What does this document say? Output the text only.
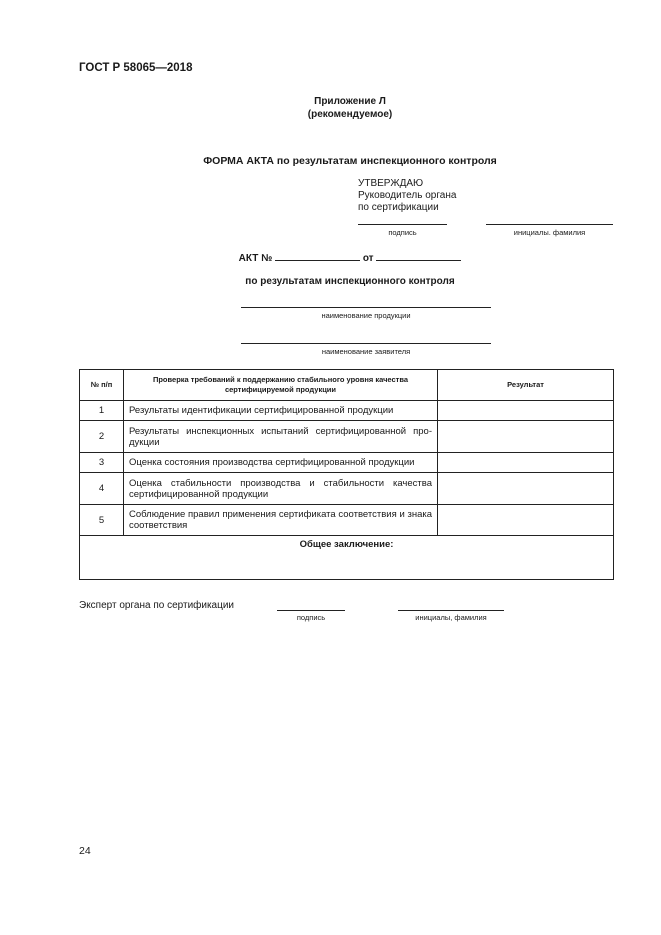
ГОСТ Р 58065—2018
Приложение Л
(рекомендуемое)
ФОРМА АКТА по результатам инспекционного контроля
УТВЕРЖДАЮ
Руководитель органа
по сертификации
подпись	инициалы. фамилия
АКТ №	от
по результатам инспекционного контроля
наименование продукции
наименование заявителя
№ п/п	Проверка требований к поддержанию стабильного уровня качества сертифицируемой продукции	Результат
1	Результаты идентификации сертифицированной продукции	
2	Результаты инспекционных испытаний сертифицированной про-дукции	
3	Оценка состояния производства сертифицированной продукции	
4	Оценка стабильности производства и стабильности качества сертифицированной продукции	
5	Соблюдение правил применения сертификата соответствия и знака соответствия	
Общее заключение:		
Эксперт органа по сертификации
подпись	инициалы, фамилия
24
